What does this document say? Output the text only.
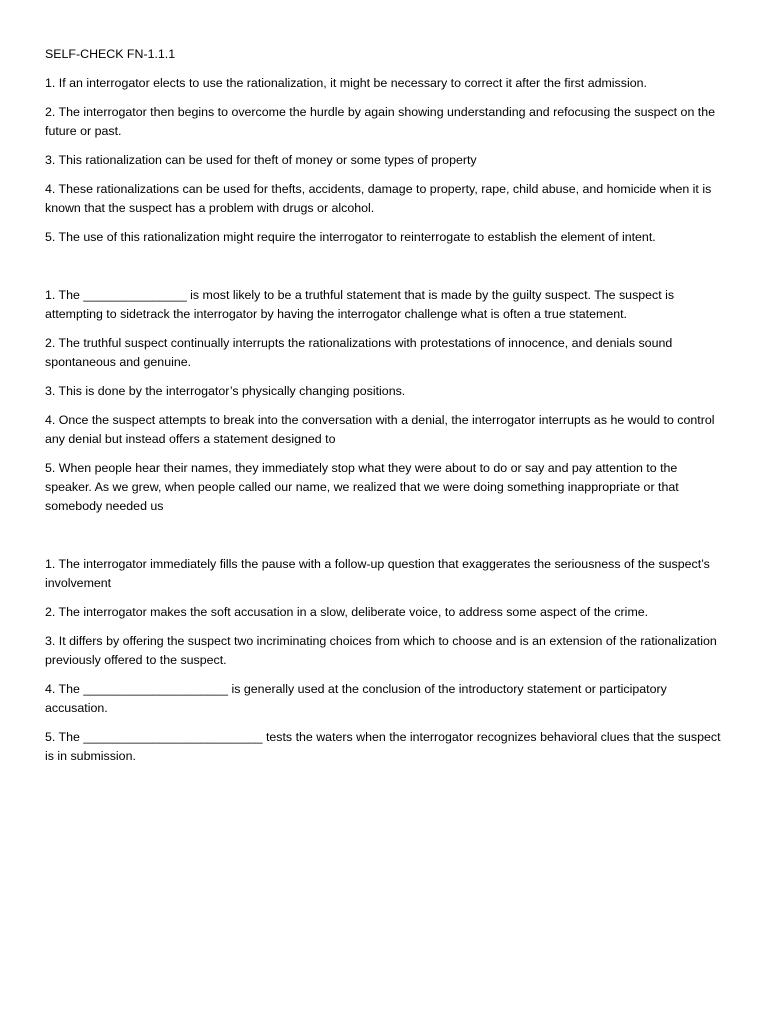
SELF-CHECK FN-1.1.1

1. If an interrogator elects to use the rationalization, it might be necessary to correct it after the first admission.

2. The interrogator then begins to overcome the hurdle by again showing understanding and refocusing the suspect on the future or past.

3. This rationalization can be used for theft of money or some types of property

4. These rationalizations can be used for thefts, accidents, damage to property, rape, child abuse, and homicide when it is known that the suspect has a problem with drugs or alcohol.

5. The use of this rationalization might require the interrogator to reinterrogate to establish the element of intent.

1. The _______________ is most likely to be a truthful statement that is made by the guilty suspect. The suspect is attempting to sidetrack the interrogator by having the interrogator challenge what is often a true statement.

2. The truthful suspect continually interrupts the rationalizations with protestations of innocence, and denials sound spontaneous and genuine.

3. This is done by the interrogator’s physically changing positions.

4. Once the suspect attempts to break into the conversation with a denial, the interrogator interrupts as he would to control any denial but instead offers a statement designed to

5. When people hear their names, they immediately stop what they were about to do or say and pay attention to the speaker. As we grew, when people called our name, we realized that we were doing something inappropriate or that somebody needed us

1. The interrogator immediately fills the pause with a follow-up question that exaggerates the seriousness of the suspect’s involvement

2. The interrogator makes the soft accusation in a slow, deliberate voice, to address some aspect of the crime.

3. It differs by offering the suspect two incriminating choices from which to choose and is an extension of the rationalization previously offered to the suspect.

4. The _____________________ is generally used at the conclusion of the introductory statement or participatory accusation.

5. The __________________________ tests the waters when the interrogator recognizes behavioral clues that the suspect is in submission.
